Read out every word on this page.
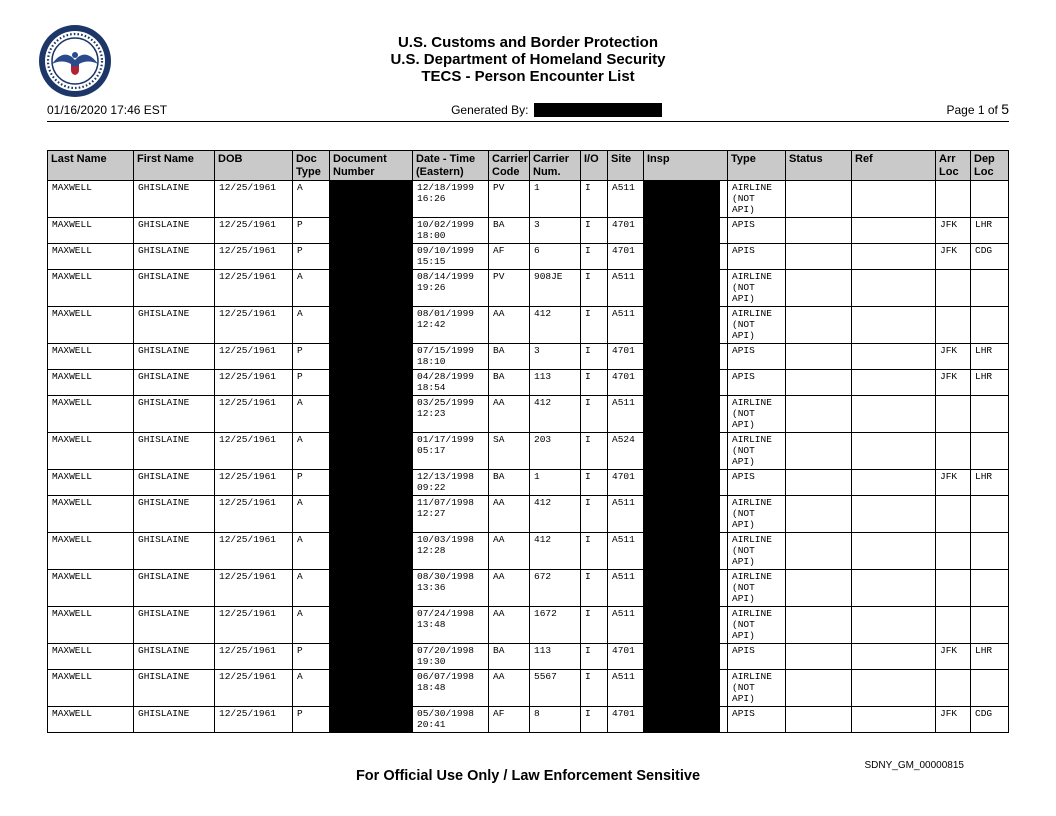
U.S. Customs and Border Protection
U.S. Department of Homeland Security
TECS - Person Encounter List
01/16/2020 17:46 EST	Generated By:	Page 1 of 5
Last Name	First Name	DOB	Doc Type	Document Number	Date - Time (Eastern)	Carrier Code	Carrier Num.	I/O	Site	Insp	Type	Status	Ref	Arr Loc	Dep Loc
MAXWELL	GHISLAINE	12/25/1961	A		12/18/1999 16:26	PV	1	I	A511		AIRLINE (NOT API)				
MAXWELL	GHISLAINE	12/25/1961	P		10/02/1999 18:00	BA	3	I	4701		APIS			JFK	LHR
MAXWELL	GHISLAINE	12/25/1961	P		09/10/1999 15:15	AF	6	I	4701		APIS			JFK	CDG
MAXWELL	GHISLAINE	12/25/1961	A		08/14/1999 19:26	PV	908JE	I	A511		AIRLINE (NOT API)				
MAXWELL	GHISLAINE	12/25/1961	A		08/01/1999 12:42	AA	412	I	A511		AIRLINE (NOT API)				
MAXWELL	GHISLAINE	12/25/1961	P		07/15/1999 18:10	BA	3	I	4701		APIS			JFK	LHR
MAXWELL	GHISLAINE	12/25/1961	P		04/28/1999 18:54	BA	113	I	4701		APIS			JFK	LHR
MAXWELL	GHISLAINE	12/25/1961	A		03/25/1999 12:23	AA	412	I	A511		AIRLINE (NOT API)				
MAXWELL	GHISLAINE	12/25/1961	A		01/17/1999 05:17	SA	203	I	A524		AIRLINE (NOT API)				
MAXWELL	GHISLAINE	12/25/1961	P		12/13/1998 09:22	BA	1	I	4701		APIS			JFK	LHR
MAXWELL	GHISLAINE	12/25/1961	A		11/07/1998 12:27	AA	412	I	A511		AIRLINE (NOT API)				
MAXWELL	GHISLAINE	12/25/1961	A		10/03/1998 12:28	AA	412	I	A511		AIRLINE (NOT API)				
MAXWELL	GHISLAINE	12/25/1961	A		08/30/1998 13:36	AA	672	I	A511		AIRLINE (NOT API)				
MAXWELL	GHISLAINE	12/25/1961	A		07/24/1998 13:48	AA	1672	I	A511		AIRLINE (NOT API)				
MAXWELL	GHISLAINE	12/25/1961	P		07/20/1998 19:30	BA	113	I	4701		APIS			JFK	LHR
MAXWELL	GHISLAINE	12/25/1961	A		06/07/1998 18:48	AA	5567	I	A511		AIRLINE (NOT API)				
MAXWELL	GHISLAINE	12/25/1961	P		05/30/1998 20:41	AF	8	I	4701		APIS			JFK	CDG
For Official Use Only / Law Enforcement Sensitive
SDNY_GM_00000815
